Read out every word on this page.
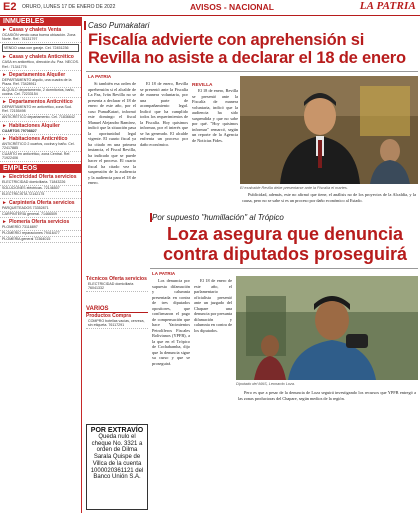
E2 ORURO, LUNES 17 DE ENERO DE 2022	AVISOS - NACIONAL	LA PATRIA
INMUEBLES
► Casas y chalets Venta
OCASIÓN vendo casa buena ubicación. Zona Norte. Ref.: 76131797
VENDO casa con garaje. Cel. 72451236
► Casas y chalets Anticrético
CASA en anticrético, dirección Av. Paz. NECOS. Ref.: 71341776
► Departamentos Alquiler
DEPARTAMENTO alquilo, una cuadra de la Plaza. Ref. 73428911
ALQUILO departamento, 2 dormitorios, baño, cocina. Cel. 72233154
► Departamentos Anticrético
DEPARTAMENTO en anticrético, zona Sud. Ref. 72155498
ANTICRÉTICO departamento. Cel. 71836642
► Habitaciones Alquiler
CUARTOS 79708827
► Habitaciones Anticrético
ANTICRÉTICO 2 cuartos, cocina y baño. Cel. 72417885
CUARTO en anticrético, zona Central. Ref. 71922406
EMPLEOS
► Electricidad Oferta servicios
ELECTRICIDAD domiciliaria. 71843226
SOLUCIONES eléctricas. 72146507
ELECTRICISTA 72142175
► Carpintería Oferta servicios
PARQUETEADOS 73352871
CARPINTERÍA general. 71466509
► Plomería Oferta servicios
PLOMERÍO 73116897
PLOMERÍO reparaciones 79416477
PLOMERÍA general 72364015
Caso Pumakatari
Fiscalía advierte con aprehensión si Revilla no asiste a declarar el 18 de enero
LA PATRIA

Si también esa orden de aprehensión si el alcalde de La Paz, Iván Revilla no se presenta a declarar el 18 de enero de este año, por el caso PumaKatari, informó este domingo el fiscal Manuel Alejandro Ramírez, indicó que la situación pasa la oportunidad legal vigente. El cuarto fiscal ya ha citado en una primera instancia, el Fiscal Revilla, ha indicado que se puede hacer el proceso. El cuarto fiscal ha citado vez la suspensión de la audiencia y la audiencia para el 18 de enero.

El 18 de enero, Revilla se presentó ante la Fiscalía de manera voluntaria, por una parte de acompañamiento legal. Indicó que ha cumplido todos los requerimientos de la Fiscalía. Hoy quisimos informar, por el interés que se ha generado. El alcalde enfrenta un proceso por daño económico.

REVILLA

El 18 de enero, Revilla se presentó ante la Fiscalía de manera voluntaria, indicó que la audiencia ha sido suspendida y que no sabe por qué. "Hoy quisimos informar" remarcó, según un reporte de la Agencia de Noticias Fides.

El exalcalde Revilla debe presentarse ante la Fiscalía el martes.

Publicidad, además, este no afirmó que tiene, el análisis no de los proyectos de la Alcaldía, y la causa, pero no se sabe si es un proceso por daño económico al Estado.

Técnicos Oferta servicios
ELECTRICIDAD domiciliaria 76041332
VARIOS
Productos Compra
COMPRO botellas vacías, cerveza, sin etiqueta. 76117291
POR EXTRAVÍO
Queda nulo el cheque No. 3321 a orden de Dilma Sarala Quispe de Villca de la cuenta 1000020361121 del Banco Unión S.A.
Por supuesto "humillación" al Trópico
Loza asegura que denuncia contra diputados proseguirá
LA PATRIA

Los denuncia por supuesta difamación y calumnia presentada en contra de tres diputados opositores, que confirmaron el pago de compensación que hace Yacimientos Petrolíferos Fiscales Bolivianos (YPFB), a la que en el Trópico de Cochabamba, dijo que la denuncia sigue su curso y que se proseguirá.

El 18 de enero de este año, el parlamentario oficialista presentó ante un juzgado del Chapare una denuncia por presunta difamación y calumnia en contra de los diputados.

Diputado del MAS, Leonardo Loza.

Pero es que a pesar de la denuncia de Loza seguirá investigando los recursos que YPFB entregó a las zonas productoras del Chapare, según medios de la región.
